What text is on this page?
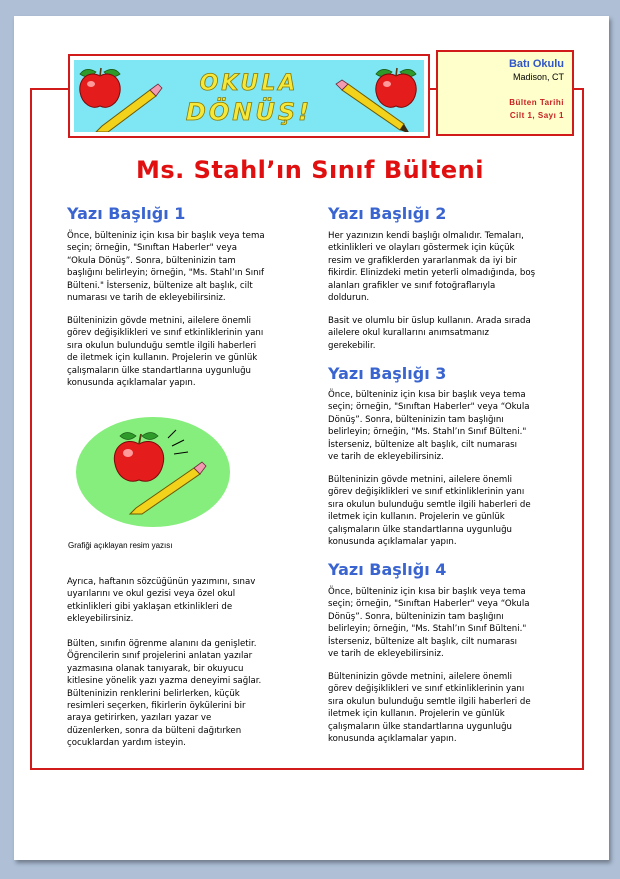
OKULA
DÖNÜŞ!
Batı Okulu
Madison, CT
Bülten Tarihi
Cilt 1, Sayı 1
Ms. Stahl’ın Sınıf Bülteni
Yazı Başlığı 1
Önce, bülteniniz için kısa bir başlık veya tema
seçin; örneğin, "Sınıftan Haberler" veya
“Okula Dönüş”. Sonra, bülteninizin tam
başlığını belirleyin; örneğin, "Ms. Stahl’ın Sınıf
Bülteni." İsterseniz, bültenize alt başlık, cilt
numarası ve tarih de ekleyebilirsiniz.
Bülteninizin gövde metnini, ailelere önemli
görev değişiklikleri ve sınıf etkinliklerinin yanı
sıra okulun bulunduğu semtle ilgili haberleri
de iletmek için kullanın. Projelerin ve günlük
çalışmaların ülke standartlarına uygunluğu
konusunda açıklamalar yapın.
Grafiği açıklayan resim yazısı
Ayrıca, haftanın sözcüğünün yazımını, sınav
uyarılarını ve okul gezisi veya özel okul
etkinlikleri gibi yaklaşan etkinlikleri de
ekleyebilirsiniz.
Bülten, sınıfın öğrenme alanını da genişletir.
Öğrencilerin sınıf projelerini anlatan yazılar
yazmasına olanak tanıyarak, bir okuyucu
kitlesine yönelik yazı yazma deneyimi sağlar.
Bülteninizin renklerini belirlerken, küçük
resimleri seçerken, fikirlerin öykülerini bir
araya getirirken, yazıları yazar ve
düzenlerken, sonra da bülteni dağıtırken
çocuklardan yardım isteyin.
Yazı Başlığı 2
Her yazınızın kendi başlığı olmalıdır. Temaları,
etkinlikleri ve olayları göstermek için küçük
resim ve grafiklerden yararlanmak da iyi bir
fikirdir. Elinizdeki metin yeterli olmadığında, boş
alanları grafikler ve sınıf fotoğraflarıyla
doldurun.
Basit ve olumlu bir üslup kullanın. Arada sırada
ailelere okul kurallarını anımsatmanız
gerekebilir.
Yazı Başlığı 3
Önce, bülteniniz için kısa bir başlık veya tema
seçin; örneğin, "Sınıftan Haberler" veya “Okula
Dönüş”. Sonra, bülteninizin tam başlığını
belirleyin; örneğin, "Ms. Stahl’ın Sınıf Bülteni."
İsterseniz, bültenize alt başlık, cilt numarası
ve tarih de ekleyebilirsiniz.
Bülteninizin gövde metnini, ailelere önemli
görev değişiklikleri ve sınıf etkinliklerinin yanı
sıra okulun bulunduğu semtle ilgili haberleri de
iletmek için kullanın. Projelerin ve günlük
çalışmaların ülke standartlarına uygunluğu
konusunda açıklamalar yapın.
Yazı Başlığı 4
Önce, bülteniniz için kısa bir başlık veya tema
seçin; örneğin, "Sınıftan Haberler" veya “Okula
Dönüş”. Sonra, bülteninizin tam başlığını
belirleyin; örneğin, "Ms. Stahl’ın Sınıf Bülteni."
İsterseniz, bültenize alt başlık, cilt numarası
ve tarih de ekleyebilirsiniz.
Bülteninizin gövde metnini, ailelere önemli
görev değişiklikleri ve sınıf etkinliklerinin yanı
sıra okulun bulunduğu semtle ilgili haberleri de
iletmek için kullanın. Projelerin ve günlük
çalışmaların ülke standartlarına uygunluğu
konusunda açıklamalar yapın.
